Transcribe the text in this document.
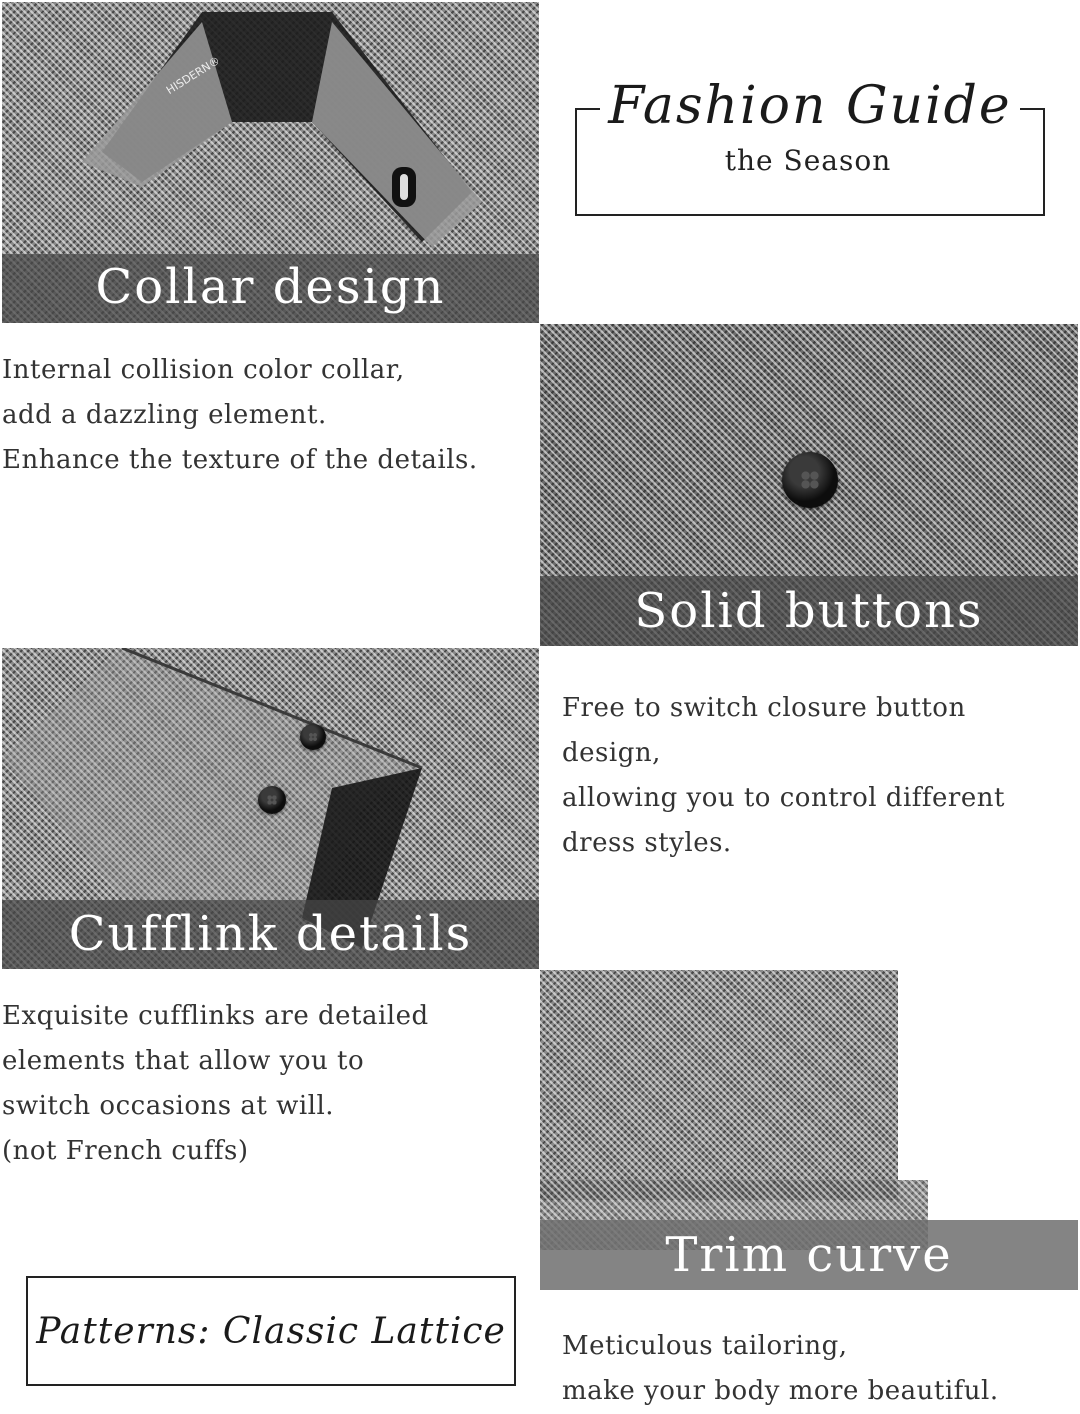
HISDERN®
Collar design
Fashion Guide
the Season
Internal collision color collar,
add a dazzling element.
Enhance the texture of the details.
Solid buttons
Cufflink details
Free to switch closure button
design,
allowing you to control different
dress styles.
Exquisite cufflinks are detailed
elements that allow you to
switch occasions at will.
(not French cuffs)
Trim curve
Patterns: Classic Lattice Meticulous tailoring,
make your body more beautiful.
